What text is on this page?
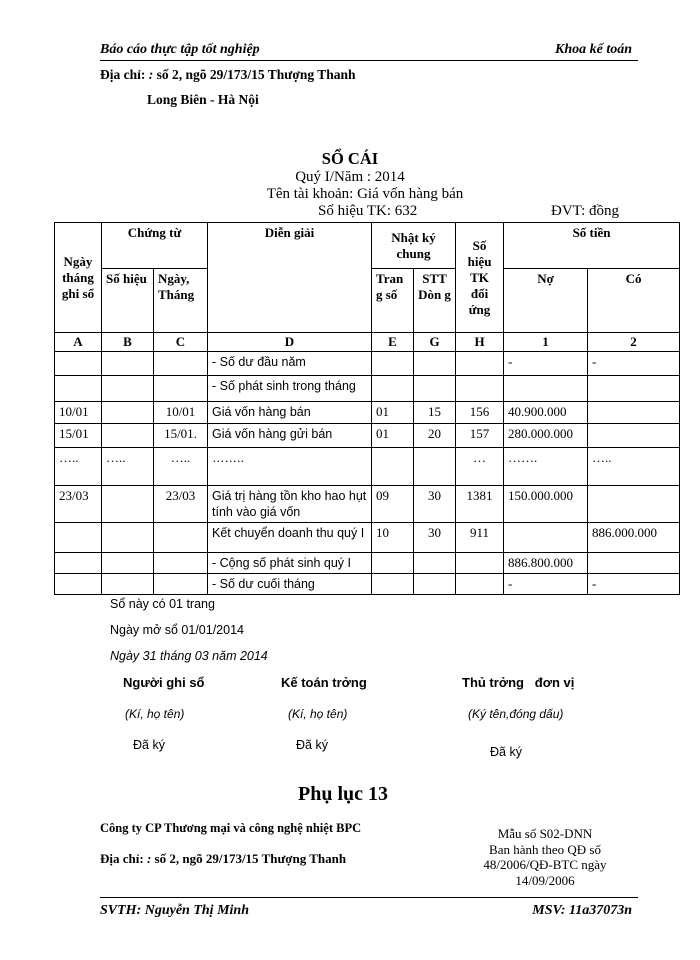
Báo cáo thực tập tốt nghiệp	Khoa kế toán
Địa chỉ: : số 2, ngõ 29/173/15 Thượng Thanh
Long Biên - Hà Nội
SỔ CÁI
Quý I/Năm : 2014
Tên tài khoản: Giá vốn hàng bán
Số hiệu TK: 632	ĐVT: đồng
Ngày tháng ghi sổ	Chứng từ		Diễn giải	Nhật ký chung		Số hiệu TK đối ứng	Số tiền	
	Số hiệu	Ngày, Tháng		Tran g số	STT Dòn g		Nợ	Có
A	B	C	D	E	G	H	1	2
			- Số dư đầu năm				-	-
			- Số phát sinh trong tháng					
10/01		10/01	Giá vốn hàng bán	01	15	156	40.900.000	
15/01		15/01.	Giá vốn hàng gửi bán	01	20	157	280.000.000	
…..	…..	…..	……..			…	…….	…..
23/03		23/03	Giá trị hàng tồn kho hao hụt tính vào giá vốn	09	30	1381	150.000.000	
			Kết chuyển doanh thu quý I	10	30	911		886.000.000
			- Cộng số phát sinh quý I				886.800.000	
			- Số dư cuối tháng				-	-
Sổ này có 01 trang
Ngày mở sổ 01/01/2014
Ngày 31 tháng 03 năm 2014
Người ghi sổ	Kế toán trởng	Thủ trởng   đơn vị
(Kí, họ tên)	(Kí, họ tên)	(Ký tên,đóng dấu)
Đã ký	Đã ký	Đã ký
Phụ lục 13
Công ty CP Thương mại và công nghệ nhiệt BPC
Địa chỉ: : số 2, ngõ 29/173/15 Thượng Thanh
Mẫu số S02-DNN
Ban hành theo QĐ số
48/2006/QĐ-BTC ngày
14/09/2006
SVTH: Nguyễn Thị Minh	MSV: 11a37073n
